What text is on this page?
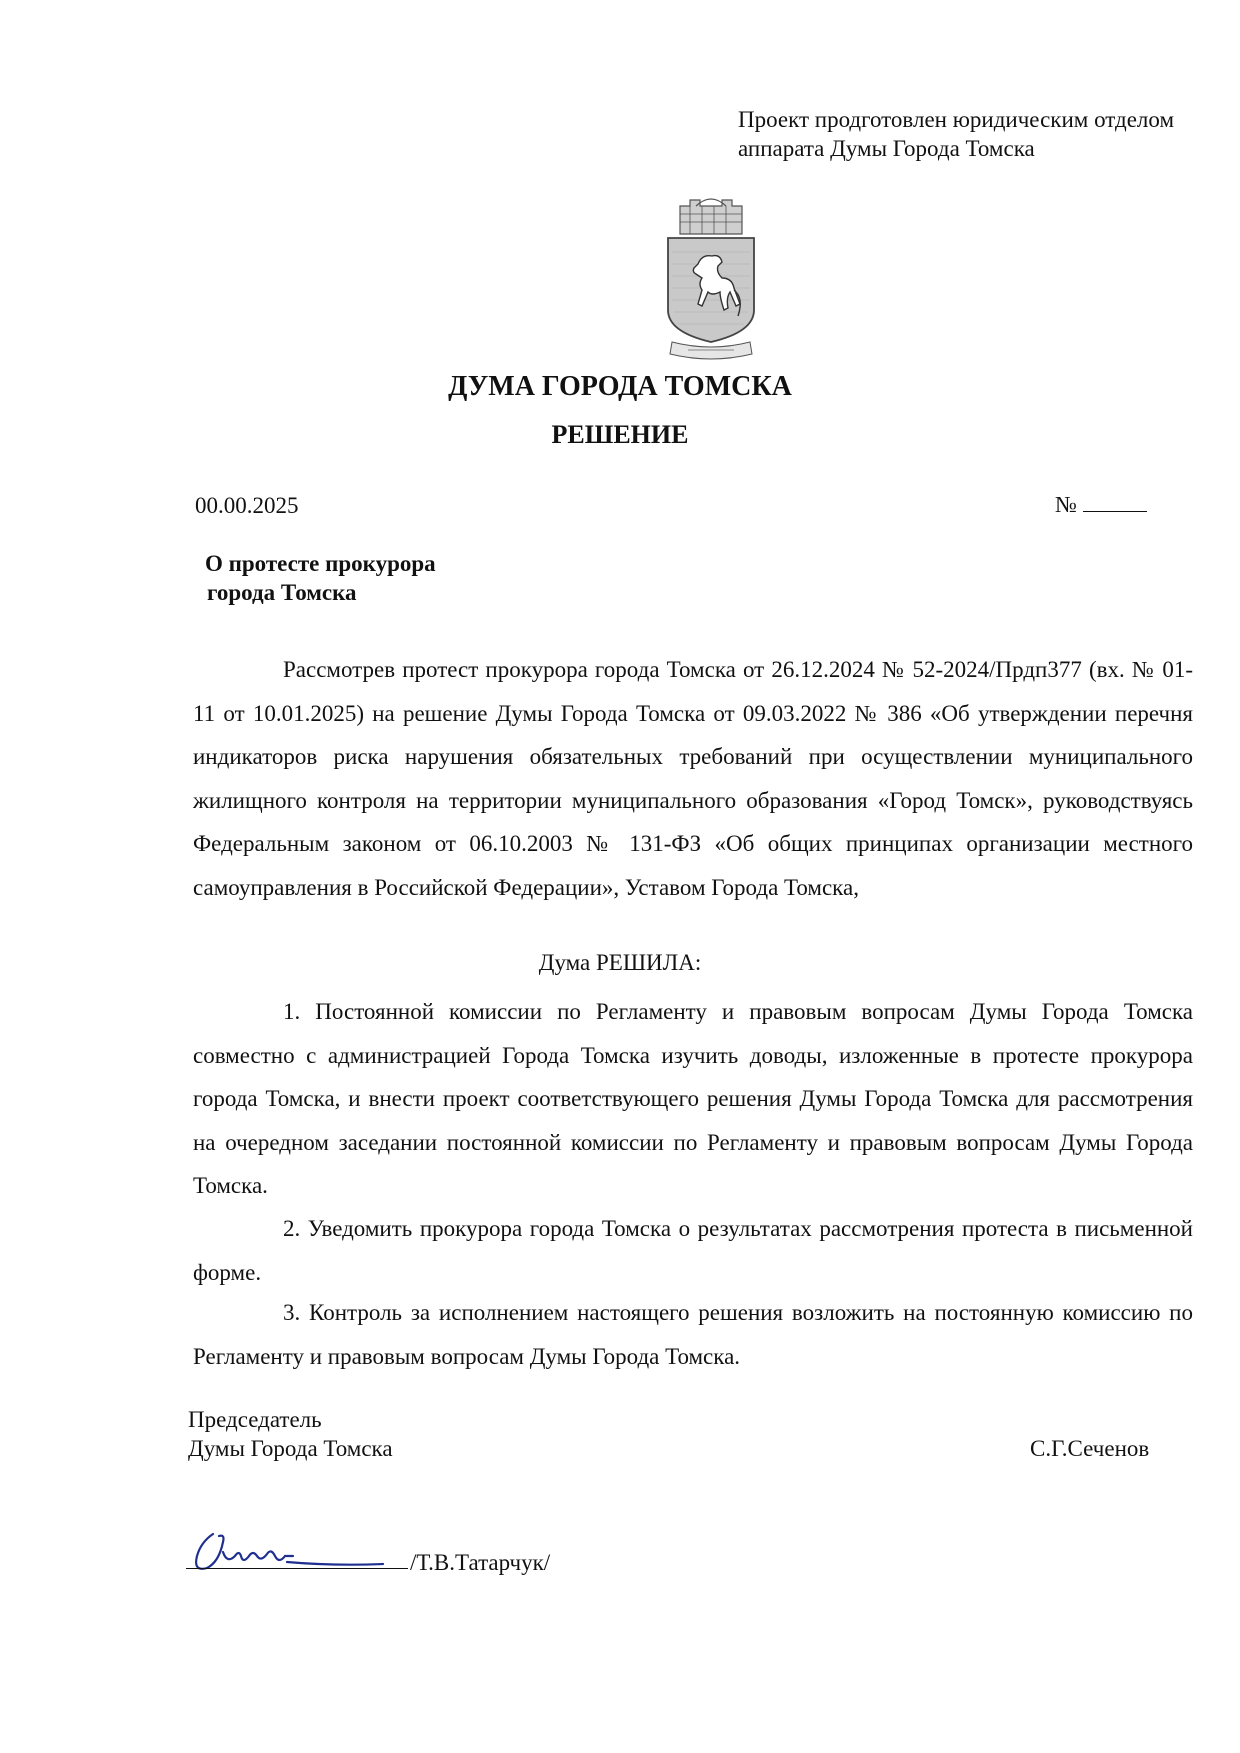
Проект продготовлен юридическим отделом
аппарата Думы Города Томска
ДУМА ГОРОДА ТОМСКА
РЕШЕНИЕ
00.00.2025	№
О протесте прокурора
города Томска

Рассмотрев протест прокурора города Томска от 26.12.2024 № 52-2024/Прдп377 (вх. № 01-11 от 10.01.2025) на решение Думы Города Томска от 09.03.2022 № 386 «Об утверждении перечня индикаторов риска нарушения обязательных требований при осуществлении муниципального жилищного контроля на территории муниципального образования «Город Томск», руководствуясь Федеральным законом от 06.10.2003 № 131-ФЗ «Об общих принципах организации местного самоуправления в Российской Федерации», Уставом Города Томска,

Дума РЕШИЛА:

1. Постоянной комиссии по Регламенту и правовым вопросам Думы Города Томска совместно с администрацией Города Томска изучить доводы, изложенные в протесте прокурора города Томска, и внести проект соответствующего решения Думы Города Томска для рассмотрения на очередном заседании постоянной комиссии по Регламенту и правовым вопросам Думы Города Томска.

2. Уведомить прокурора города Томска о результатах рассмотрения протеста в письменной форме.

3. Контроль за исполнением настоящего решения возложить на постоянную комиссию по Регламенту и правовым вопросам Думы Города Томска.

Председатель
Думы Города Томска	С.Г.Сеченов
/Т.В.Татарчук/
